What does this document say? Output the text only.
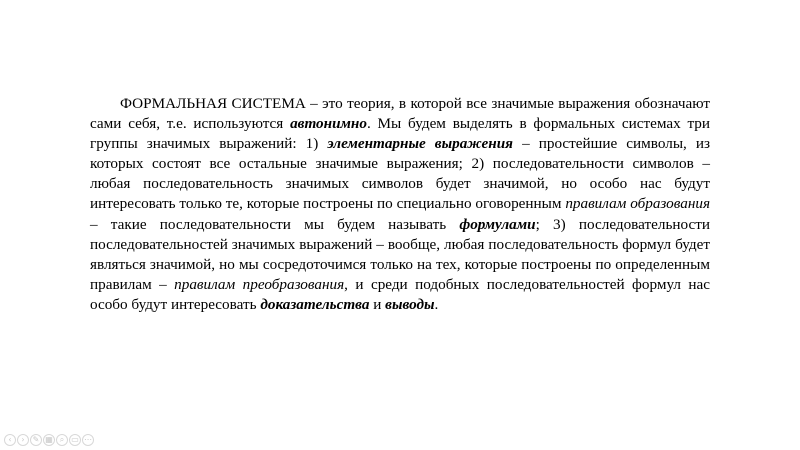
ФОРМАЛЬНАЯ СИСТЕМА – это теория, в которой все значимые выражения обозначают сами себя, т.е. используются автонимно. Мы будем выделять в формальных системах три группы значимых выражений: 1) элементарные выражения – простейшие символы, из которых состоят все остальные значимые выражения; 2) последовательности символов – любая последовательность значимых символов будет значимой, но особо нас будут интересовать только те, которые построены по специально оговоренным правилам образования – такие последовательности мы будем называть формулами; 3) последовательности последовательностей значимых выражений – вообще, любая последовательность формул будет являться значимой, но мы сосредоточимся только на тех, которые построены по определенным правилам – правилам преобразования, и среди подобных последовательностей формул нас особо будут интересовать доказательства и выводы.

‹	›	✎ ▦ ⌕ ▭ ⋯
